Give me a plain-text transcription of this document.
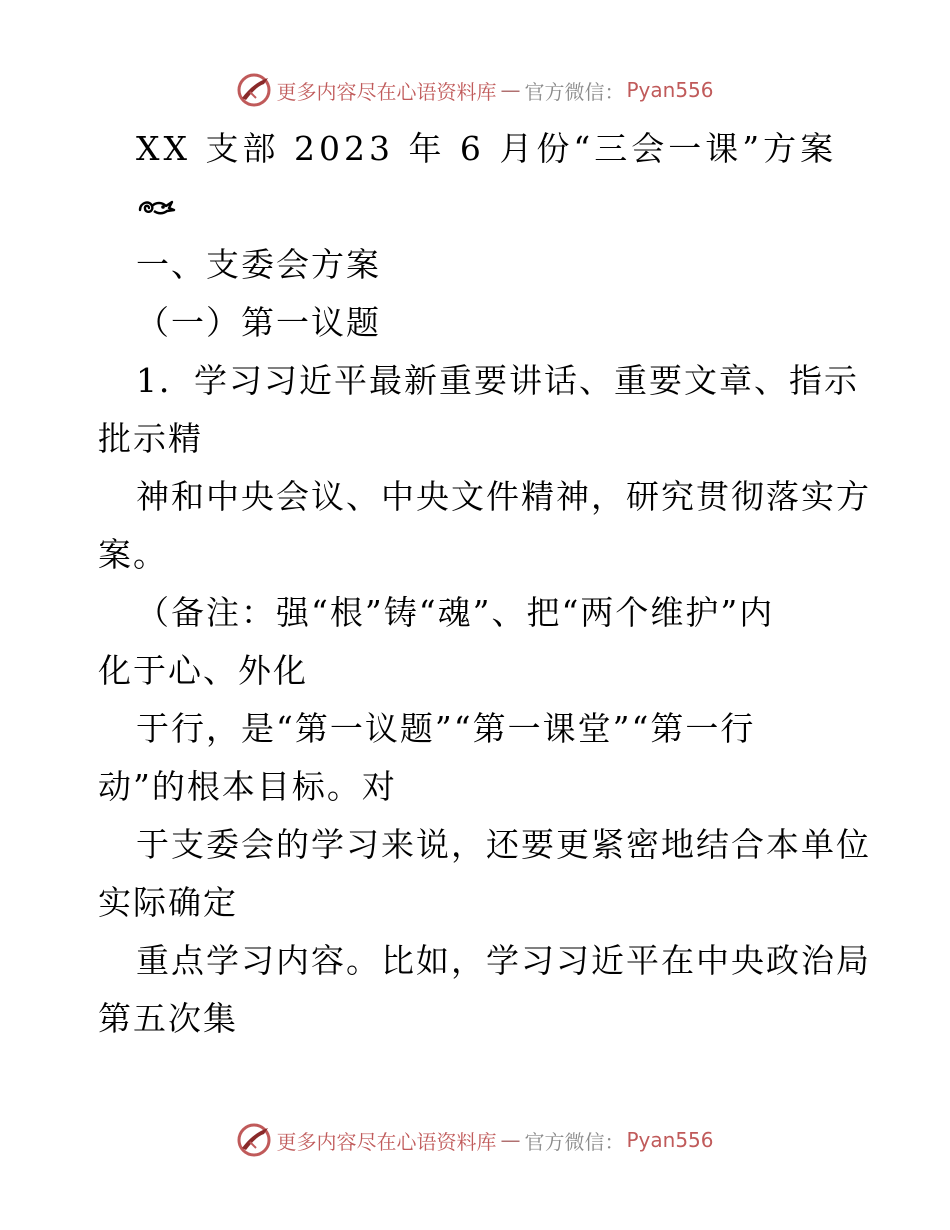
更多内容尽在心语资料库 — 官方微信： Pyan556
XX 支部 2023 年 6 月份“三会一课”方案
一、支委会方案
（一）第一议题
1．学习习近平最新重要讲话、重要文章、指示
批示精
神和中央会议、中央文件精神，研究贯彻落实方
案。
（备注：强“根”铸“魂”、把“两个维护”内
化于心、外化
于行，是“第一议题”“第一课堂”“第一行
动”的根本目标。对
于支委会的学习来说，还要更紧密地结合本单位
实际确定
重点学习内容。比如，学习习近平在中央政治局
第五次集
更多内容尽在心语资料库 — 官方微信： Pyan556
